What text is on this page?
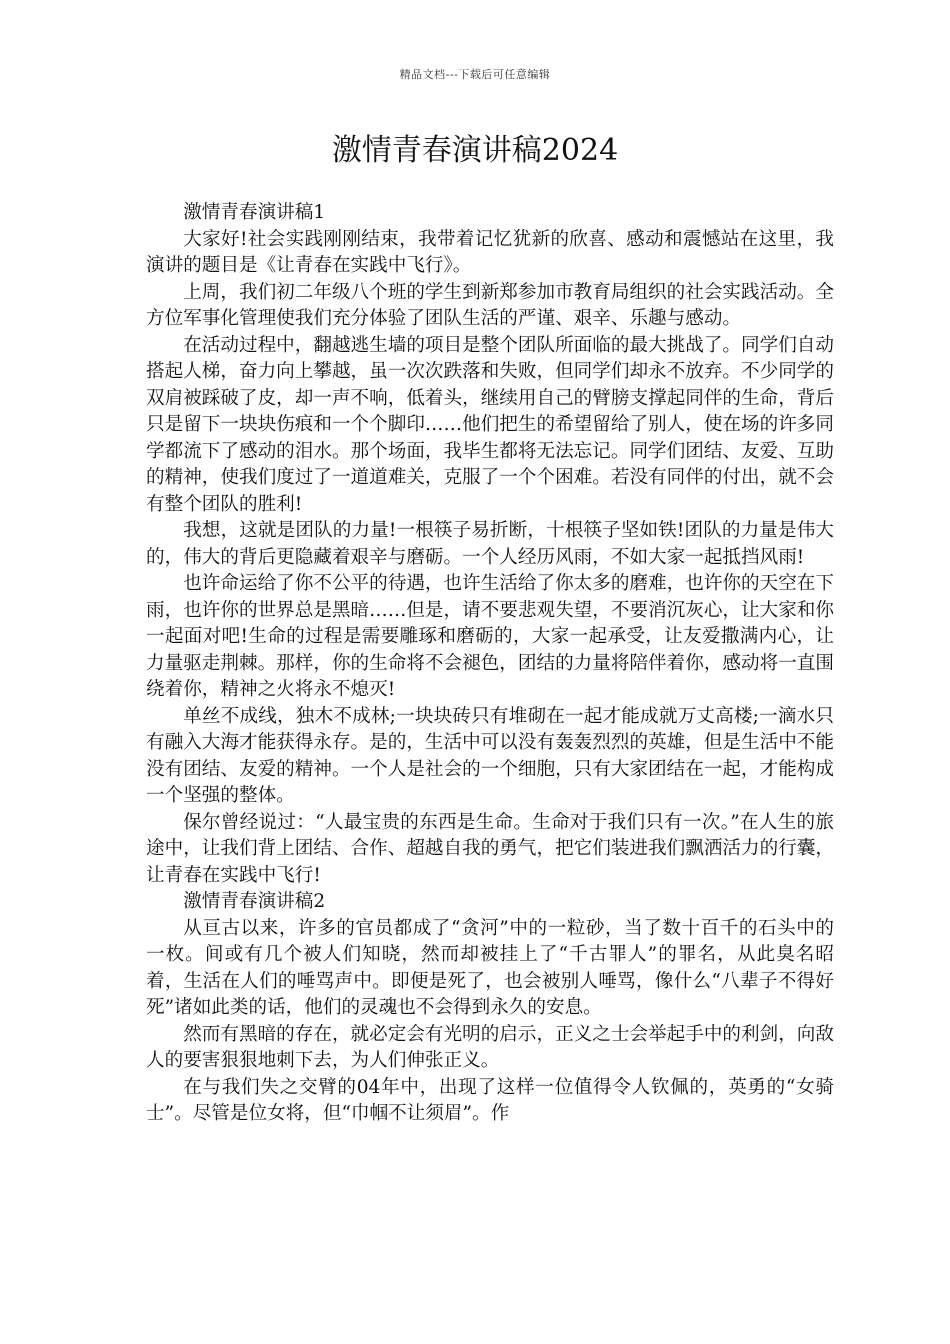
精品文档---下载后可任意编辑
激情青春演讲稿2024

激情青春演讲稿1

大家好!社会实践刚刚结束，我带着记忆犹新的欣喜、感动和震憾站在这里，我演讲的题目是《让青春在实践中飞行》。

上周，我们初二年级八个班的学生到新郑参加市教育局组织的社会实践活动。全方位军事化管理使我们充分体验了团队生活的严谨、艰辛、乐趣与感动。

在活动过程中，翻越逃生墙的项目是整个团队所面临的最大挑战了。同学们自动搭起人梯，奋力向上攀越，虽一次次跌落和失败，但同学们却永不放弃。不少同学的双肩被踩破了皮，却一声不响，低着头，继续用自己的臂膀支撑起同伴的生命，背后只是留下一块块伤痕和一个个脚印……他们把生的希望留给了别人，使在场的许多同学都流下了感动的泪水。那个场面，我毕生都将无法忘记。同学们团结、友爱、互助的精神，使我们度过了一道道难关，克服了一个个困难。若没有同伴的付出，就不会有整个团队的胜利!

我想，这就是团队的力量!一根筷子易折断，十根筷子坚如铁!团队的力量是伟大的，伟大的背后更隐藏着艰辛与磨砺。一个人经历风雨，不如大家一起抵挡风雨!

也许命运给了你不公平的待遇，也许生活给了你太多的磨难，也许你的天空在下雨，也许你的世界总是黑暗……但是，请不要悲观失望，不要消沉灰心，让大家和你一起面对吧!生命的过程是需要雕琢和磨砺的，大家一起承受，让友爱撒满内心，让力量驱走荆棘。那样，你的生命将不会褪色，团结的力量将陪伴着你，感动将一直围绕着你，精神之火将永不熄灭!

单丝不成线，独木不成林;一块块砖只有堆砌在一起才能成就万丈高楼;一滴水只有融入大海才能获得永存。是的，生活中可以没有轰轰烈烈的英雄，但是生活中不能没有团结、友爱的精神。一个人是社会的一个细胞，只有大家团结在一起，才能构成一个坚强的整体。

保尔曾经说过：“人最宝贵的东西是生命。生命对于我们只有一次。”在人生的旅途中，让我们背上团结、合作、超越自我的勇气，把它们装进我们飘洒活力的行囊，让青春在实践中飞行!

激情青春演讲稿2

从亘古以来，许多的官员都成了“贪河”中的一粒砂，当了数十百千的石头中的一枚。间或有几个被人们知晓，然而却被挂上了“千古罪人”的罪名，从此臭名昭着，生活在人们的唾骂声中。即便是死了，也会被别人唾骂，像什么“八辈子不得好死”诸如此类的话，他们的灵魂也不会得到永久的安息。

然而有黑暗的存在，就必定会有光明的启示，正义之士会举起手中的利剑，向敌人的要害狠狠地刺下去，为人们伸张正义。

在与我们失之交臂的04年中，出现了这样一位值得令人钦佩的，英勇的“女骑士”。尽管是位女将，但“巾帼不让须眉”。作
